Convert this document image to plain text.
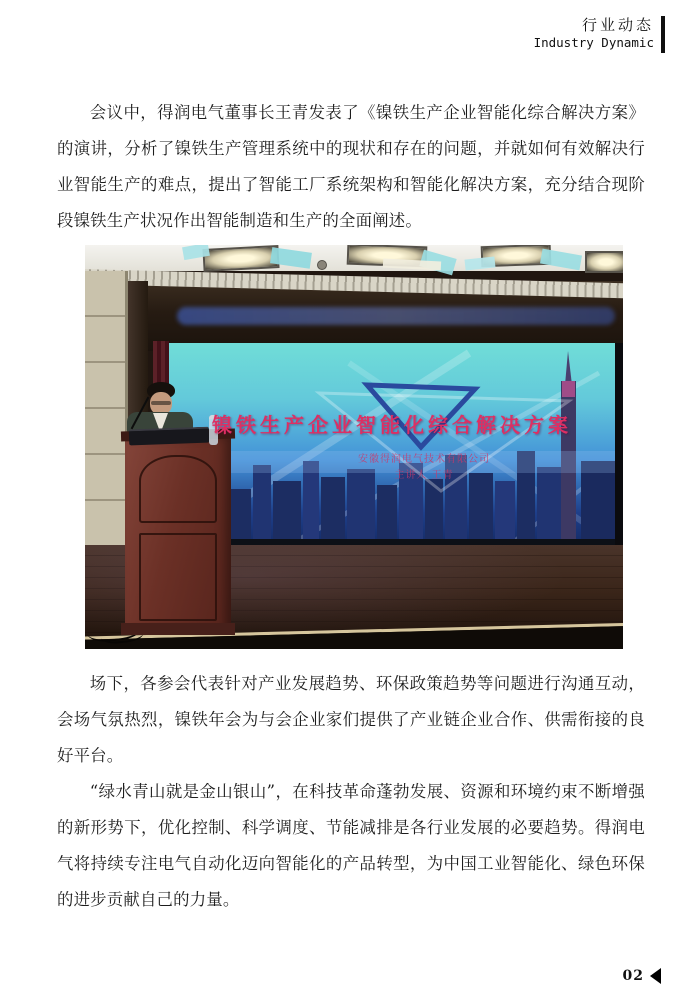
行业动态
Industry Dynamic

会议中，得润电气董事长王青发表了《镍铁生产企业智能化综合解决方案》的演讲，分析了镍铁生产管理系统中的现状和存在的问题，并就如何有效解决行业智能生产的难点，提出了智能工厂系统架构和智能化解决方案，充分结合现阶段镍铁生产状况作出智能制造和生产的全面阐述。

镍铁生产企业智能化综合解决方案
安徽得润电气技术有限公司
主讲人 王青

场下，各参会代表针对产业发展趋势、环保政策趋势等问题进行沟通互动，会场气氛热烈，镍铁年会为与会企业家们提供了产业链企业合作、供需衔接的良好平台。

“绿水青山就是金山银山”，在科技革命蓬勃发展、资源和环境约束不断增强的新形势下，优化控制、科学调度、节能减排是各行业发展的必要趋势。得润电气将持续专注电气自动化迈向智能化的产品转型，为中国工业智能化、绿色环保的进步贡献自己的力量。

02
